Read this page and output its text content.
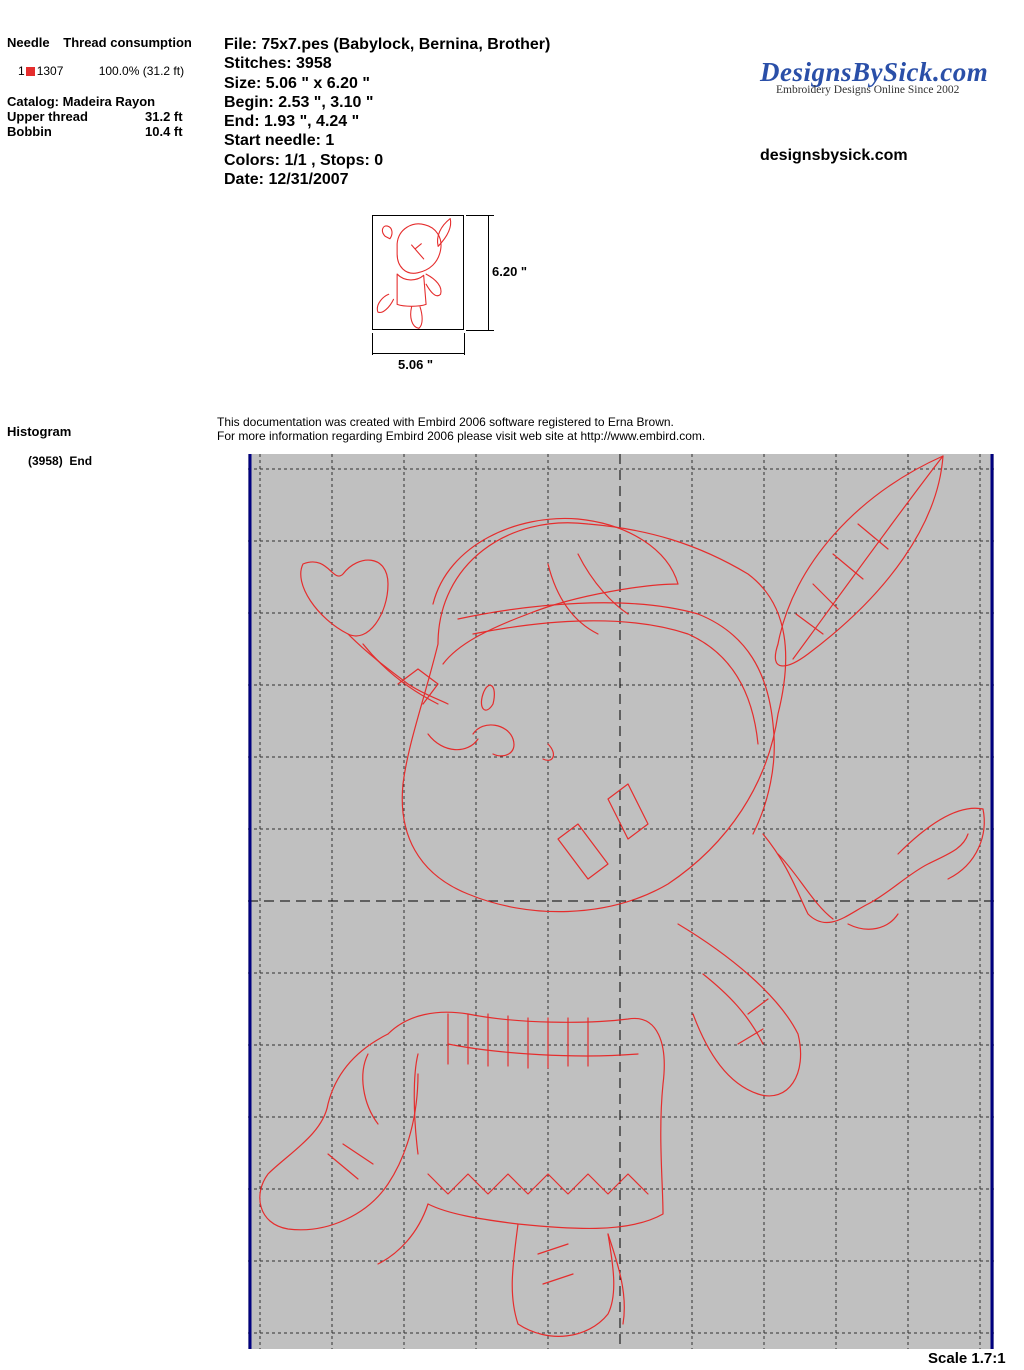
Needle Thread consumption
1 1307	100.0% (31.2 ft)
Catalog: Madeira Rayon
Upper thread	31.2 ft
Bobbin	10.4 ft
File: 75x7.pes (Babylock, Bernina, Brother)
Stitches: 3958
Size: 5.06 " x 6.20 "
Begin: 2.53 ", 3.10 "
End: 1.93 ", 4.24 "
Start needle: 1
Colors: 1/1 , Stops: 0
Date: 12/31/2007
DesignsBySick.com
Embroidery Designs Online Since 2002
designsbysick.com
5.06 "
6.20 "
Histogram
(3958) End
This documentation was created with Embird 2006 software registered to Erna Brown.
For more information regarding Embird 2006 please visit web site at http://www.embird.com.
Scale 1.7:1
